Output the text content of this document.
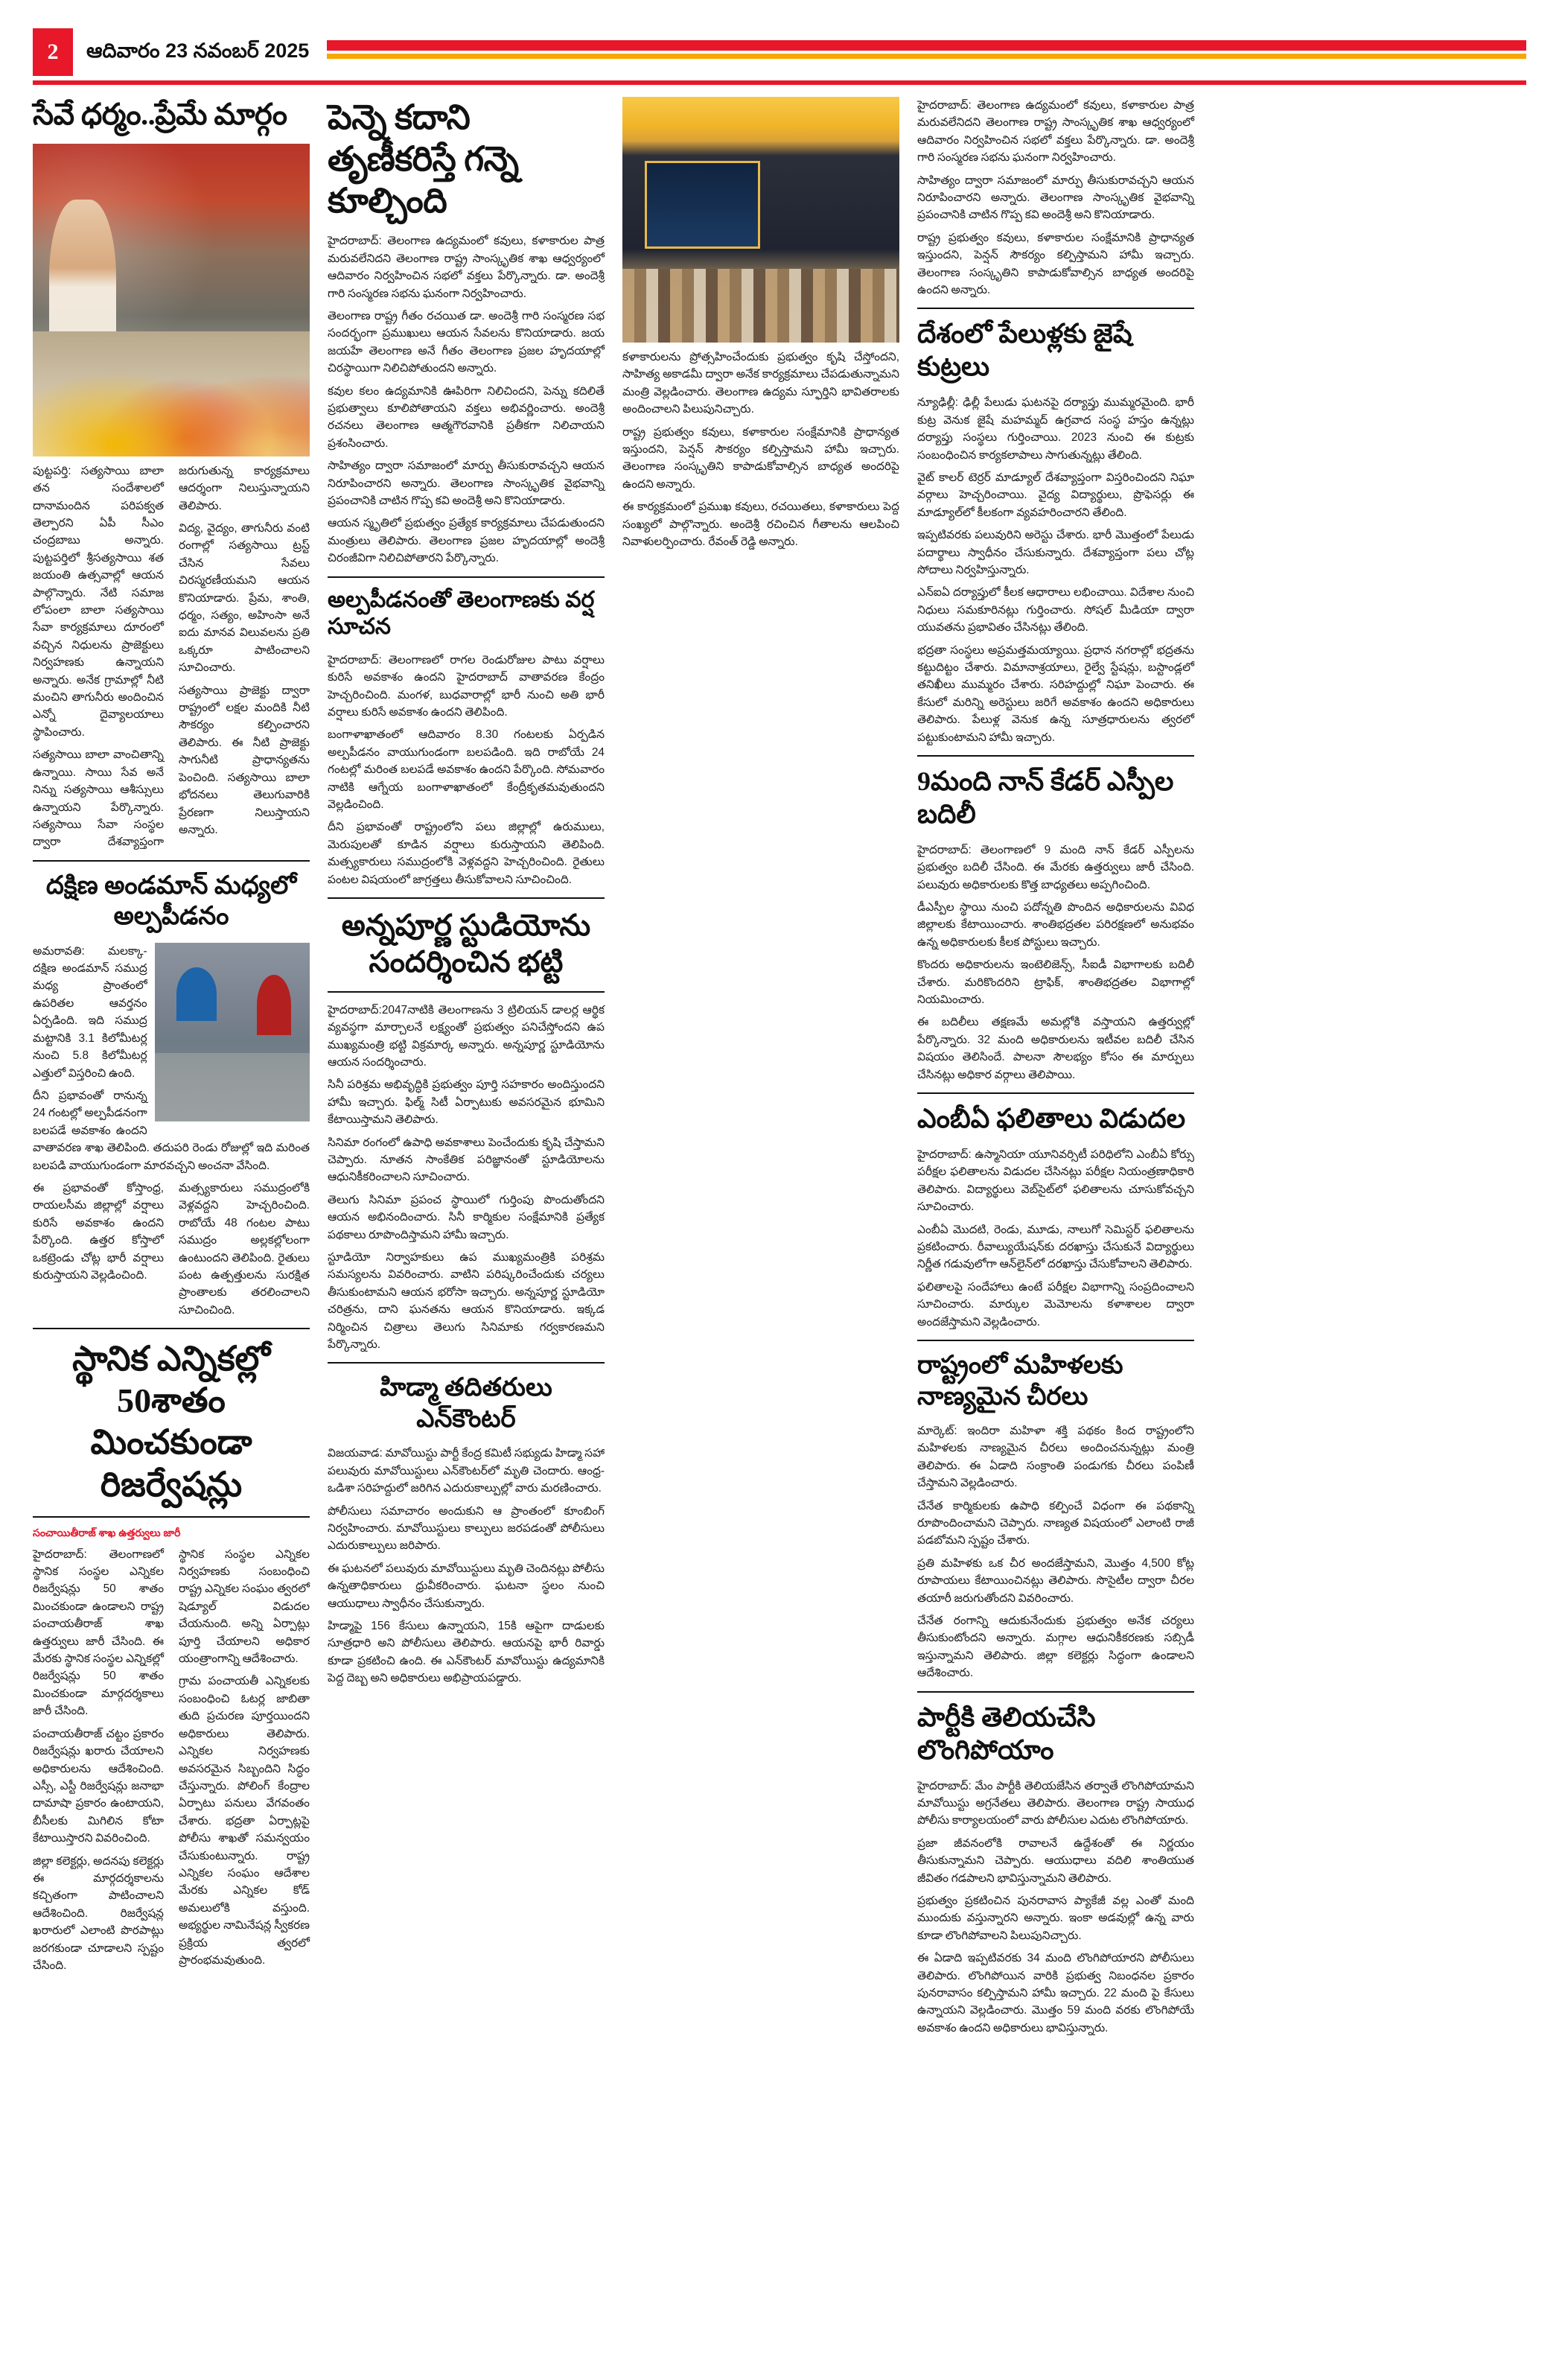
2	ఆదివారం 23 నవంబర్ 2025
సేవే ధర్మం..ప్రేమే మార్గం

పుట్టపర్తి: సత్యసాయి బాలా తన సందేశాలలో దానామందిన పరిపక్వత తెల్పారని ఏపీ సీఎం చంద్రబాబు అన్నారు. పుట్టపర్తిలో శ్రీసత్యసాయి శత జయంతి ఉత్సవాల్లో ఆయన పాల్గొన్నారు. నేటి సమాజ లోపంలా బాలా సత్యసాయి సేవా కార్యక్రమాలు దూరంలో వచ్చిన నిధులను ప్రాజెక్టులు నిర్వహణకు ఉన్నాయని అన్నారు. అనేక గ్రామాల్లో నీటి మంచిని తాగునీరు అందించిన ఎన్నో దైవ్యాలయాలు స్థాపించారు.

సత్యసాయి బాలా వాంచితాన్ని ఉన్నాయి. సాయి సేవ అనే నిన్ను సత్యసాయి ఆశీస్సులు ఉన్నాయని పేర్కొన్నారు. సత్యసాయి సేవా సంస్థల ద్వారా దేశవ్యాప్తంగా జరుగుతున్న కార్యక్రమాలు ఆదర్శంగా నిలుస్తున్నాయని తెలిపారు.

విద్య, వైద్యం, తాగునీరు వంటి రంగాల్లో సత్యసాయి ట్రస్ట్ చేసిన సేవలు చిరస్మరణీయమని ఆయన కొనియాడారు. ప్రేమ, శాంతి, ధర్మం, సత్యం, అహింసా అనే ఐదు మానవ విలువలను ప్రతి ఒక్కరూ పాటించాలని సూచించారు.

సత్యసాయి ప్రాజెక్టు ద్వారా రాష్ట్రంలో లక్షల మందికి నీటి సౌకర్యం కల్పించారని తెలిపారు. ఈ నీటి ప్రాజెక్టు సాగునీటి ప్రాధాన్యతను పెంచింది. సత్యసాయి బాలా భోదనలు తెలుగువారికి ప్రేరణగా నిలుస్తాయని అన్నారు.

దక్షిణ అండమాన్ మధ్యలో అల్పపీడనం

అమరావతి: మలక్కా- దక్షిణ అండమాన్ సముద్ర మధ్య ప్రాంతంలో ఉపరితల ఆవర్తనం ఏర్పడింది. ఇది సముద్ర మట్టానికి 3.1 కిలోమీటర్ల నుంచి 5.8 కిలోమీటర్ల ఎత్తులో విస్తరించి ఉంది.

దీని ప్రభావంతో రానున్న 24 గంటల్లో అల్పపీడనంగా బలపడే అవకాశం ఉందని వాతావరణ శాఖ తెలిపింది. తదుపరి రెండు రోజుల్లో ఇది మరింత బలపడి వాయుగుండంగా మారవచ్చని అంచనా వేసింది.

ఈ ప్రభావంతో కోస్తాంధ్ర, రాయలసీమ జిల్లాల్లో వర్షాలు కురిసే అవకాశం ఉందని పేర్కొంది. ఉత్తర కోస్తాలో ఒకట్రెండు చోట్ల భారీ వర్షాలు కురుస్తాయని వెల్లడించింది.

మత్స్యకారులు సముద్రంలోకి వెళ్లవద్దని హెచ్చరించింది. రాబోయే 48 గంటల పాటు సముద్రం అల్లకల్లోలంగా ఉంటుందని తెలిపింది. రైతులు పంట ఉత్పత్తులను సురక్షిత ప్రాంతాలకు తరలించాలని సూచించింది.

స్థానిక ఎన్నికల్లో 50శాతం మించకుండా రిజర్వేషన్లు
సంచాయితీరాజ్ శాఖ ఉత్తర్వులు జారీ

హైదరాబాద్: తెలంగాణలో స్థానిక సంస్థల ఎన్నికల రిజర్వేషన్లు 50 శాతం మించకుండా ఉండాలని రాష్ట్ర పంచాయతీరాజ్ శాఖ ఉత్తర్వులు జారీ చేసింది. ఈ మేరకు స్థానిక సంస్థల ఎన్నికల్లో రిజర్వేషన్లు 50 శాతం మించకుండా మార్గదర్శకాలు జారీ చేసింది.

పంచాయతీరాజ్ చట్టం ప్రకారం రిజర్వేషన్లు ఖరారు చేయాలని అధికారులను ఆదేశించింది. ఎస్సీ, ఎస్టీ రిజర్వేషన్లు జనాభా దామాషా ప్రకారం ఉంటాయని, బీసీలకు మిగిలిన కోటా కేటాయిస్తారని వివరించింది.

జిల్లా కలెక్టర్లు, అదనపు కలెక్టర్లు ఈ మార్గదర్శకాలను కచ్చితంగా పాటించాలని ఆదేశించింది. రిజర్వేషన్ల ఖరారులో ఎలాంటి పొరపాట్లు జరగకుండా చూడాలని స్పష్టం చేసింది.

స్థానిక సంస్థల ఎన్నికల నిర్వహణకు సంబంధించి రాష్ట్ర ఎన్నికల సంఘం త్వరలో షెడ్యూల్ విడుదల చేయనుంది. అన్ని ఏర్పాట్లు పూర్తి చేయాలని అధికార యంత్రాంగాన్ని ఆదేశించారు.

గ్రామ పంచాయతీ ఎన్నికలకు సంబంధించి ఓటర్ల జాబితా తుది ప్రచురణ పూర్తయిందని అధికారులు తెలిపారు. ఎన్నికల నిర్వహణకు అవసరమైన సిబ్బందిని సిద్ధం చేస్తున్నారు. పోలింగ్ కేంద్రాల ఏర్పాటు పనులు వేగవంతం చేశారు. భద్రతా ఏర్పాట్లపై పోలీసు శాఖతో సమన్వయం చేసుకుంటున్నారు. రాష్ట్ర ఎన్నికల సంఘం ఆదేశాల మేరకు ఎన్నికల కోడ్ అమలులోకి వస్తుంది. అభ్యర్థుల నామినేషన్ల స్వీకరణ ప్రక్రియ త్వరలో ప్రారంభమవుతుంది.

పెన్నె కదాని తృణీకరిస్తే గన్నె కూల్చింది

హైదరాబాద్: తెలంగాణ ఉద్యమంలో కవులు, కళాకారుల పాత్ర మరువలేనిదని తెలంగాణ రాష్ట్ర సాంస్కృతిక శాఖ ఆధ్వర్యంలో ఆదివారం నిర్వహించిన సభలో వక్తలు పేర్కొన్నారు. డా. అందెశ్రీ గారి సంస్మరణ సభను ఘనంగా నిర్వహించారు.

తెలంగాణ రాష్ట్ర గీతం రచయిత డా. అందెశ్రీ గారి సంస్మరణ సభ సందర్భంగా ప్రముఖులు ఆయన సేవలను కొనియాడారు. జయ జయహే తెలంగాణ అనే గీతం తెలంగాణ ప్రజల హృదయాల్లో చిరస్థాయిగా నిలిచిపోతుందని అన్నారు.

కవుల కలం ఉద్యమానికి ఊపిరిగా నిలిచిందని, పెన్ను కదిలితే ప్రభుత్వాలు కూలిపోతాయని వక్తలు అభివర్ణించారు. అందెశ్రీ రచనలు తెలంగాణ ఆత్మగౌరవానికి ప్రతీకగా నిలిచాయని ప్రశంసించారు.

సాహిత్యం ద్వారా సమాజంలో మార్పు తీసుకురావచ్చని ఆయన నిరూపించారని అన్నారు. తెలంగాణ సాంస్కృతిక వైభవాన్ని ప్రపంచానికి చాటిన గొప్ప కవి అందెశ్రీ అని కొనియాడారు.

ఆయన స్మృతిలో ప్రభుత్వం ప్రత్యేక కార్యక్రమాలు చేపడుతుందని మంత్రులు తెలిపారు. తెలంగాణ ప్రజల హృదయాల్లో అందెశ్రీ చిరంజీవిగా నిలిచిపోతారని పేర్కొన్నారు.

అల్పపీడనంతో తెలంగాణకు వర్ష సూచన

హైదరాబాద్: తెలంగాణలో రాగల రెండురోజుల పాటు వర్షాలు కురిసే అవకాశం ఉందని హైదరాబాద్ వాతావరణ కేంద్రం హెచ్చరించింది. మంగళ, బుధవారాల్లో భారీ నుంచి అతి భారీ వర్షాలు కురిసే అవకాశం ఉందని తెలిపింది.

బంగాళాఖాతంలో ఆదివారం 8.30 గంటలకు ఏర్పడిన అల్పపీడనం వాయుగుండంగా బలపడింది. ఇది రాబోయే 24 గంటల్లో మరింత బలపడే అవకాశం ఉందని పేర్కొంది. సోమవారం నాటికి ఆగ్నేయ బంగాళాఖాతంలో కేంద్రీకృతమవుతుందని వెల్లడించింది.

దీని ప్రభావంతో రాష్ట్రంలోని పలు జిల్లాల్లో ఉరుములు, మెరుపులతో కూడిన వర్షాలు కురుస్తాయని తెలిపింది. మత్స్యకారులు సముద్రంలోకి వెళ్లవద్దని హెచ్చరించింది. రైతులు పంటల విషయంలో జాగ్రత్తలు తీసుకోవాలని సూచించింది.

అన్నపూర్ణ స్టుడియోను సందర్శించిన భట్టి

హైదరాబాద్:2047నాటికి తెలంగాణను 3 ట్రిలియన్ డాలర్ల ఆర్థిక వ్యవస్థగా మార్చాలనే లక్ష్యంతో ప్రభుత్వం పనిచేస్తోందని ఉప ముఖ్యమంత్రి భట్టి విక్రమార్క అన్నారు. అన్నపూర్ణ స్టూడియోను ఆయన సందర్శించారు.

సినీ పరిశ్రమ అభివృద్ధికి ప్రభుత్వం పూర్తి సహకారం అందిస్తుందని హామీ ఇచ్చారు. ఫిల్మ్ సిటీ ఏర్పాటుకు అవసరమైన భూమిని కేటాయిస్తామని తెలిపారు.

సినిమా రంగంలో ఉపాధి అవకాశాలు పెంచేందుకు కృషి చేస్తామని చెప్పారు. నూతన సాంకేతిక పరిజ్ఞానంతో స్టూడియోలను ఆధునికీకరించాలని సూచించారు.

తెలుగు సినిమా ప్రపంచ స్థాయిలో గుర్తింపు పొందుతోందని ఆయన అభినందించారు. సినీ కార్మికుల సంక్షేమానికి ప్రత్యేక పథకాలు రూపొందిస్తామని హామీ ఇచ్చారు.

స్టూడియో నిర్వాహకులు ఉప ముఖ్యమంత్రికి పరిశ్రమ సమస్యలను వివరించారు. వాటిని పరిష్కరించేందుకు చర్యలు తీసుకుంటామని ఆయన భరోసా ఇచ్చారు. అన్నపూర్ణ స్టూడియో చరిత్రను, దాని ఘనతను ఆయన కొనియాడారు. ఇక్కడ నిర్మించిన చిత్రాలు తెలుగు సినిమాకు గర్వకారణమని పేర్కొన్నారు.

హిడ్మా తదితరులు ఎన్‌కౌంటర్

విజయవాడ: మావోయిస్టు పార్టీ కేంద్ర కమిటీ సభ్యుడు హిడ్మా సహా పలువురు మావోయిస్టులు ఎన్‌కౌంటర్‌లో మృతి చెందారు. ఆంధ్ర-ఒడిశా సరిహద్దులో జరిగిన ఎదురుకాల్పుల్లో వారు మరణించారు.

పోలీసులు సమాచారం అందుకుని ఆ ప్రాంతంలో కూంబింగ్ నిర్వహించారు. మావోయిస్టులు కాల్పులు జరపడంతో పోలీసులు ఎదురుకాల్పులు జరిపారు.

ఈ ఘటనలో పలువురు మావోయిస్టులు మృతి చెందినట్లు పోలీసు ఉన్నతాధికారులు ధ్రువీకరించారు. ఘటనా స్థలం నుంచి ఆయుధాలు స్వాధీనం చేసుకున్నారు.

హిడ్మాపై 156 కేసులు ఉన్నాయని, 15కి ఆపైగా దాడులకు సూత్రధారి అని పోలీసులు తెలిపారు. ఆయనపై భారీ రివార్డు కూడా ప్రకటించి ఉంది. ఈ ఎన్‌కౌంటర్ మావోయిస్టు ఉద్యమానికి పెద్ద దెబ్బ అని అధికారులు అభిప్రాయపడ్డారు.

కళాకారులను ప్రోత్సహించేందుకు ప్రభుత్వం కృషి చేస్తోందని, సాహిత్య అకాడమీ ద్వారా అనేక కార్యక్రమాలు చేపడుతున్నామని మంత్రి వెల్లడించారు. తెలంగాణ ఉద్యమ స్ఫూర్తిని భావితరాలకు అందించాలని పిలుపునిచ్చారు.

రాష్ట్ర ప్రభుత్వం కవులు, కళాకారుల సంక్షేమానికి ప్రాధాన్యత ఇస్తుందని, పెన్షన్ సౌకర్యం కల్పిస్తామని హామీ ఇచ్చారు. తెలంగాణ సంస్కృతిని కాపాడుకోవాల్సిన బాధ్యత అందరిపై ఉందని అన్నారు.

ఈ కార్యక్రమంలో ప్రముఖ కవులు, రచయితలు, కళాకారులు పెద్ద సంఖ్యలో పాల్గొన్నారు. అందెశ్రీ రచించిన గీతాలను ఆలపించి నివాళులర్పించారు. రేవంత్ రెడ్డి అన్నారు.

హైదరాబాద్: తెలంగాణ ఉద్యమంలో కవులు, కళాకారుల పాత్ర మరువలేనిదని తెలంగాణ రాష్ట్ర సాంస్కృతిక శాఖ ఆధ్వర్యంలో ఆదివారం నిర్వహించిన సభలో వక్తలు పేర్కొన్నారు. డా. అందెశ్రీ గారి సంస్మరణ సభను ఘనంగా నిర్వహించారు.

సాహిత్యం ద్వారా సమాజంలో మార్పు తీసుకురావచ్చని ఆయన నిరూపించారని అన్నారు. తెలంగాణ సాంస్కృతిక వైభవాన్ని ప్రపంచానికి చాటిన గొప్ప కవి అందెశ్రీ అని కొనియాడారు.

రాష్ట్ర ప్రభుత్వం కవులు, కళాకారుల సంక్షేమానికి ప్రాధాన్యత ఇస్తుందని, పెన్షన్ సౌకర్యం కల్పిస్తామని హామీ ఇచ్చారు. తెలంగాణ సంస్కృతిని కాపాడుకోవాల్సిన బాధ్యత అందరిపై ఉందని అన్నారు.

దేశంలో పేలుళ్లకు జైషే కుట్రలు

న్యూఢిల్లీ: ఢిల్లీ పేలుడు ఘటనపై దర్యాప్తు ముమ్మరమైంది. భారీ కుట్ర వెనుక జైషే మహమ్మద్ ఉగ్రవాద సంస్థ హస్తం ఉన్నట్లు దర్యాప్తు సంస్థలు గుర్తించాయి. 2023 నుంచి ఈ కుట్రకు సంబంధించిన కార్యకలాపాలు సాగుతున్నట్లు తేలింది.

వైట్ కాలర్ టెర్రర్ మాడ్యూల్ దేశవ్యాప్తంగా విస్తరించిందని నిఘా వర్గాలు హెచ్చరించాయి. వైద్య విద్యార్థులు, ప్రొఫెసర్లు ఈ మాడ్యూల్‌లో కీలకంగా వ్యవహరించారని తేలింది.

ఇప్పటివరకు పలువురిని అరెస్టు చేశారు. భారీ మొత్తంలో పేలుడు పదార్థాలు స్వాధీనం చేసుకున్నారు. దేశవ్యాప్తంగా పలు చోట్ల సోదాలు నిర్వహిస్తున్నారు.

ఎన్ఐఏ దర్యాప్తులో కీలక ఆధారాలు లభించాయి. విదేశాల నుంచి నిధులు సమకూరినట్లు గుర్తించారు. సోషల్ మీడియా ద్వారా యువతను ప్రభావితం చేసినట్లు తేలింది.

భద్రతా సంస్థలు అప్రమత్తమయ్యాయి. ప్రధాన నగరాల్లో భద్రతను కట్టుదిట్టం చేశారు. విమానాశ్రయాలు, రైల్వే స్టేషన్లు, బస్టాండ్లలో తనిఖీలు ముమ్మరం చేశారు. సరిహద్దుల్లో నిఘా పెంచారు. ఈ కేసులో మరిన్ని అరెస్టులు జరిగే అవకాశం ఉందని అధికారులు తెలిపారు. పేలుళ్ల వెనుక ఉన్న సూత్రధారులను త్వరలో పట్టుకుంటామని హామీ ఇచ్చారు.

9మంది నాన్ కేడర్ ఎస్పీల బదిలీ

హైదరాబాద్: తెలంగాణలో 9 మంది నాన్ కేడర్ ఎస్పీలను ప్రభుత్వం బదిలీ చేసింది. ఈ మేరకు ఉత్తర్వులు జారీ చేసింది. పలువురు అధికారులకు కొత్త బాధ్యతలు అప్పగించింది.

డీఎస్పీల స్థాయి నుంచి పదోన్నతి పొందిన అధికారులను వివిధ జిల్లాలకు కేటాయించారు. శాంతిభద్రతల పరిరక్షణలో అనుభవం ఉన్న అధికారులకు కీలక పోస్టులు ఇచ్చారు.

కొందరు అధికారులను ఇంటెలిజెన్స్, సీఐడీ విభాగాలకు బదిలీ చేశారు. మరికొందరిని ట్రాఫిక్, శాంతిభద్రతల విభాగాల్లో నియమించారు.

ఈ బదిలీలు తక్షణమే అమల్లోకి వస్తాయని ఉత్తర్వుల్లో పేర్కొన్నారు. 32 మంది అధికారులను ఇటీవల బదిలీ చేసిన విషయం తెలిసిందే. పాలనా సౌలభ్యం కోసం ఈ మార్పులు చేసినట్లు అధికార వర్గాలు తెలిపాయి.

ఎంబీఏ ఫలితాలు విడుదల

హైదరాబాద్: ఉస్మానియా యూనివర్సిటీ పరిధిలోని ఎంబీఏ కోర్సు పరీక్షల ఫలితాలను విడుదల చేసినట్లు పరీక్షల నియంత్రణాధికారి తెలిపారు. విద్యార్థులు వెబ్‌సైట్‌లో ఫలితాలను చూసుకోవచ్చని సూచించారు.

ఎంబీఏ మొదటి, రెండు, మూడు, నాలుగో సెమిస్టర్ ఫలితాలను ప్రకటించారు. రీవాల్యుయేషన్‌కు దరఖాస్తు చేసుకునే విద్యార్థులు నిర్ణీత గడువులోగా ఆన్‌లైన్‌లో దరఖాస్తు చేసుకోవాలని తెలిపారు.

ఫలితాలపై సందేహాలు ఉంటే పరీక్షల విభాగాన్ని సంప్రదించాలని సూచించారు. మార్కుల మెమోలను కళాశాలల ద్వారా అందజేస్తామని వెల్లడించారు.

రాష్ట్రంలో మహిళలకు నాణ్యమైన చీరలు

మార్కెట్: ఇందిరా మహిళా శక్తి పథకం కింద రాష్ట్రంలోని మహిళలకు నాణ్యమైన చీరలు అందించనున్నట్లు మంత్రి తెలిపారు. ఈ ఏడాది సంక్రాంతి పండుగకు చీరలు పంపిణీ చేస్తామని వెల్లడించారు.

చేనేత కార్మికులకు ఉపాధి కల్పించే విధంగా ఈ పథకాన్ని రూపొందించామని చెప్పారు. నాణ్యత విషయంలో ఎలాంటి రాజీ పడబోమని స్పష్టం చేశారు.

ప్రతి మహిళకు ఒక చీర అందజేస్తామని, మొత్తం 4,500 కోట్ల రూపాయలు కేటాయించినట్లు తెలిపారు. సొసైటీల ద్వారా చీరల తయారీ జరుగుతోందని వివరించారు.

చేనేత రంగాన్ని ఆదుకునేందుకు ప్రభుత్వం అనేక చర్యలు తీసుకుంటోందని అన్నారు. మగ్గాల ఆధునికీకరణకు సబ్సిడీ ఇస్తున్నామని తెలిపారు. జిల్లా కలెక్టర్లు సిద్ధంగా ఉండాలని ఆదేశించారు.

పార్టీకి తెలియచేసి లొంగిపోయాం

హైదరాబాద్: మేం పార్టీకి తెలియజేసిన తర్వాతే లొంగిపోయామని మావోయిస్టు అగ్రనేతలు తెలిపారు. తెలంగాణ రాష్ట్ర సాయుధ పోలీసు కార్యాలయంలో వారు పోలీసుల ఎదుట లొంగిపోయారు.

ప్రజా జీవనంలోకి రావాలనే ఉద్దేశంతో ఈ నిర్ణయం తీసుకున్నామని చెప్పారు. ఆయుధాలు వదిలి శాంతియుత జీవితం గడపాలని భావిస్తున్నామని తెలిపారు.

ప్రభుత్వం ప్రకటించిన పునరావాస ప్యాకేజీ వల్ల ఎంతో మంది ముందుకు వస్తున్నారని అన్నారు. ఇంకా అడవుల్లో ఉన్న వారు కూడా లొంగిపోవాలని పిలుపునిచ్చారు.

ఈ ఏడాది ఇప్పటివరకు 34 మంది లొంగిపోయారని పోలీసులు తెలిపారు. లొంగిపోయిన వారికి ప్రభుత్వ నిబంధనల ప్రకారం పునరావాసం కల్పిస్తామని హామీ ఇచ్చారు. 22 మంది పై కేసులు ఉన్నాయని వెల్లడించారు. మొత్తం 59 మంది వరకు లొంగిపోయే అవకాశం ఉందని అధికారులు భావిస్తున్నారు.
